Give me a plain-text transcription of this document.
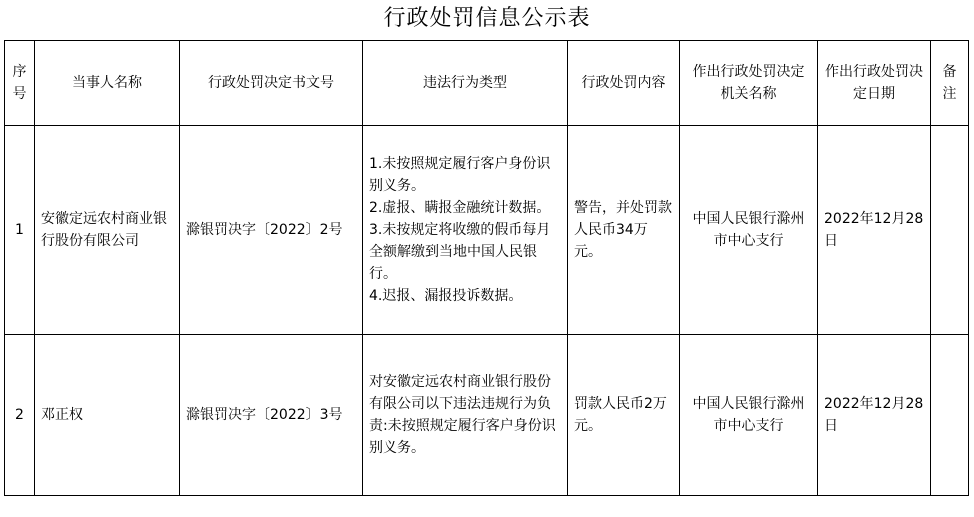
行政处罚信息公示表
序号	当事人名称	行政处罚决定书文号	违法行为类型	行政处罚内容	作出行政处罚决定机关名称	作出行政处罚决定日期	备注
1	安徽定远农村商业银行股份有限公司	滁银罚决字〔2022〕2号	1.未按照规定履行客户身份识别义务。
2.虚报、瞒报金融统计数据。
3.未按规定将收缴的假币每月全额解缴到当地中国人民银行。
4.迟报、漏报投诉数据。	警告，并处罚款人民币34万元。	中国人民银行滁州市中心支行	2022年12月28日	
2	邓正权	滁银罚决字〔2022〕3号	对安徽定远农村商业银行股份有限公司以下违法违规行为负责:未按照规定履行客户身份识别义务。	罚款人民币2万元。	中国人民银行滁州市中心支行	2022年12月28日	
